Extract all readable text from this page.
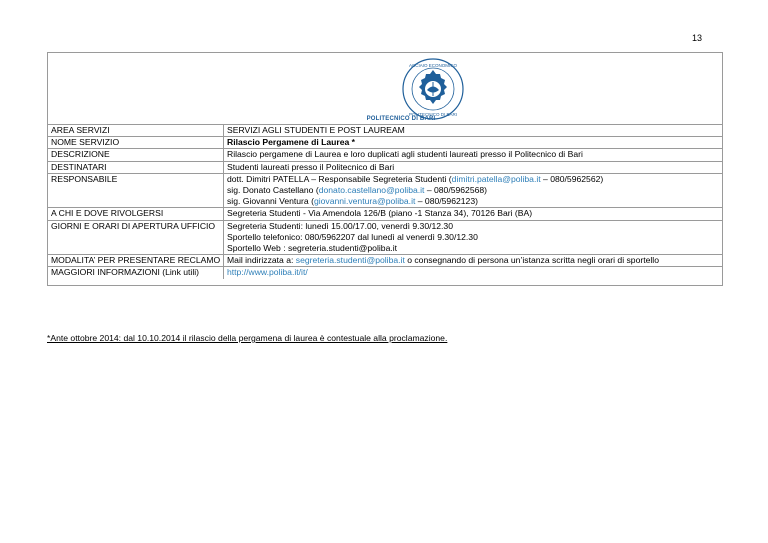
13
ACCIAIO ECONOMICO
POLITECNICO DI BARI
POLITECNICO DI BARI
AREA SERVIZI	SERVIZI AGLI STUDENTI E POST LAUREAM

NOME SERVIZIO	Rilascio Pergamene di Laurea *

DESCRIZIONE	Rilascio pergamene di Laurea e loro duplicati agli studenti laureati presso il Politecnico di Bari

DESTINATARI	Studenti laureati presso il Politecnico di Bari

RESPONSABILE	dott. Dimitri PATELLA – Responsabile Segreteria Studenti (dimitri.patella@poliba.it – 080/5962562)
sig. Donato Castellano (donato.castellano@poliba.it – 080/5962568)
sig. Giovanni Ventura (giovanni.ventura@poliba.it – 080/5962123)

A CHI E DOVE RIVOLGERSI	Segreteria Studenti - Via Amendola 126/B (piano -1 Stanza 34), 70126 Bari (BA)

GIORNI E ORARI DI APERTURA UFFICIO	Segreteria Studenti: lunedì 15.00/17.00, venerdì 9.30/12.30
Sportello telefonico: 080/5962207 dal lunedì al venerdì 9.30/12.30
Sportello Web : segreteria.studenti@poliba.it

MODALITA’ PER PRESENTARE RECLAMO	Mail indirizzata a: segreteria.studenti@poliba.it o consegnando di persona un’istanza scritta negli orari di sportello

MAGGIORI INFORMAZIONI (Link utili)	http://www.poliba.it/it/
*Ante ottobre 2014: dal 10.10.2014 il rilascio della pergamena di laurea è contestuale alla proclamazione.
